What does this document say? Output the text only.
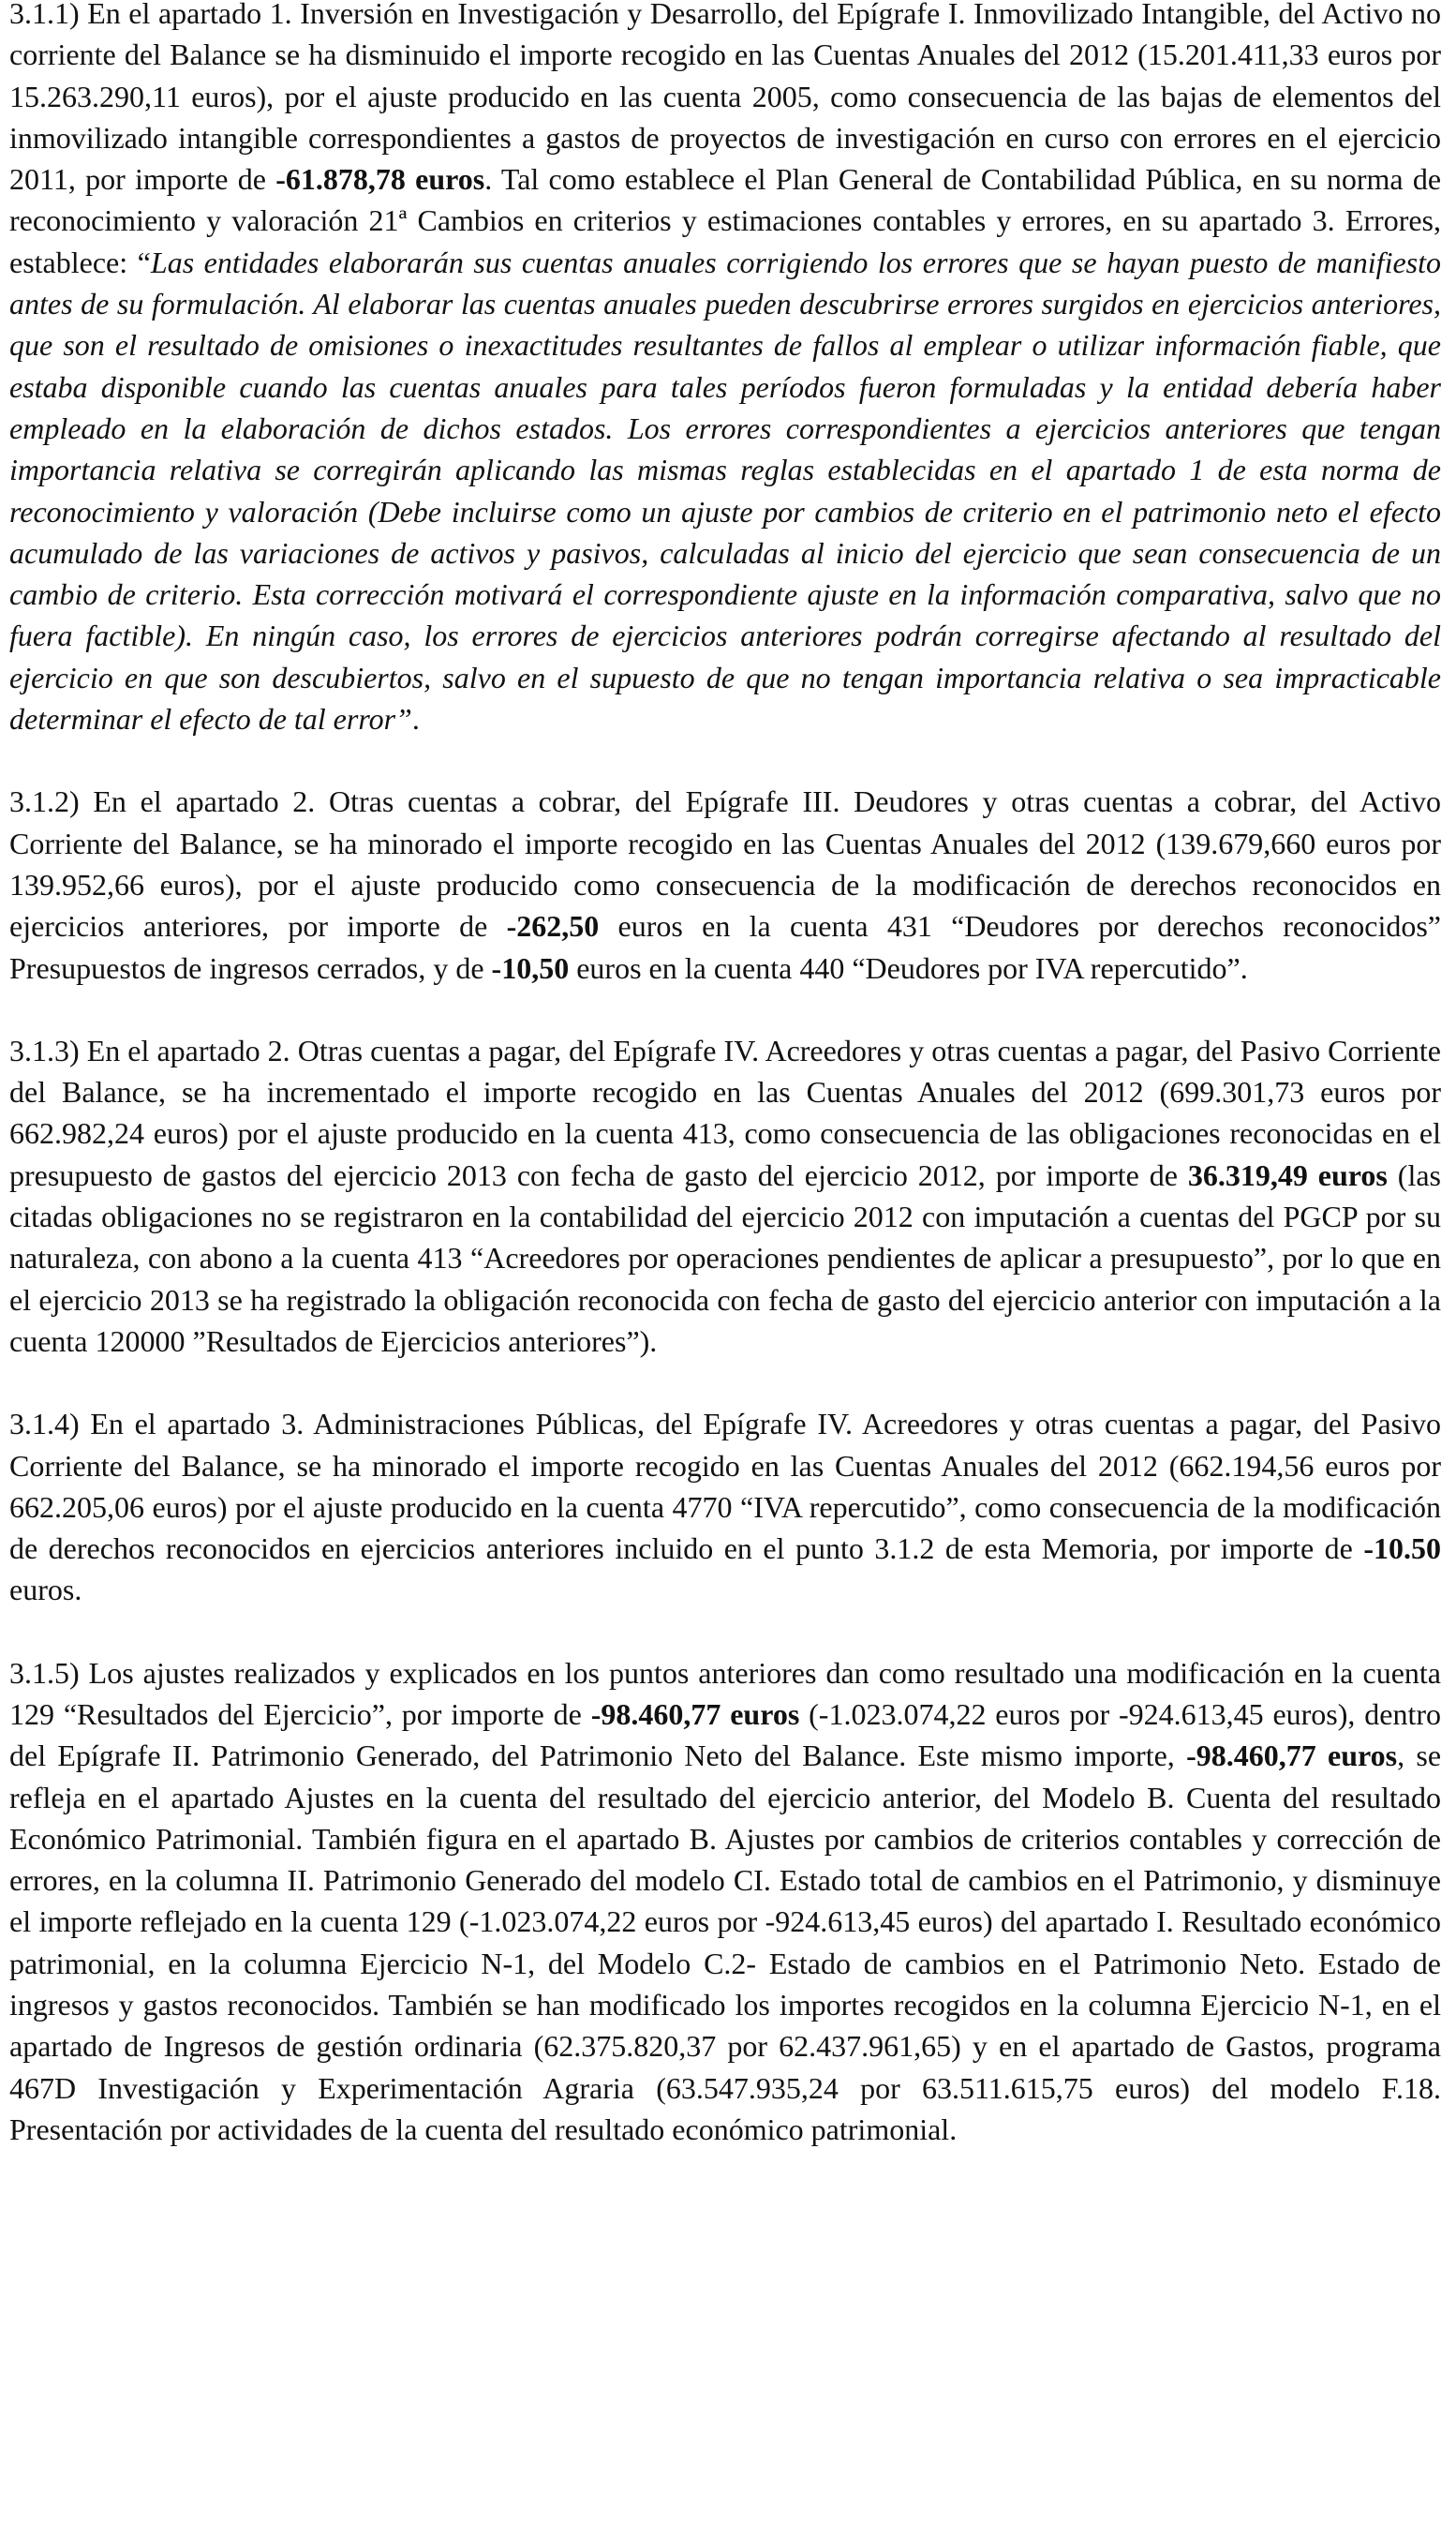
3.1.1) En el apartado 1. Inversión en Investigación y Desarrollo, del Epígrafe I. Inmovilizado Intangible, del Activo no corriente del Balance se ha disminuido el importe recogido en las Cuentas Anuales del 2012 (15.201.411,33 euros por 15.263.290,11 euros), por el ajuste producido en las cuenta 2005, como consecuencia de las bajas de elementos del inmovilizado intangible correspondientes a gastos de proyectos de investigación en curso con errores en el ejercicio 2011, por importe de -61.878,78 euros. Tal como establece el Plan General de Contabilidad Pública, en su norma de reconocimiento y valoración 21ª Cambios en criterios y estimaciones contables y errores, en su apartado 3. Errores, establece: “Las entidades elaborarán sus cuentas anuales corrigiendo los errores que se hayan puesto de manifiesto antes de su formulación. Al elaborar las cuentas anuales pueden descubrirse errores surgidos en ejercicios anteriores, que son el resultado de omisiones o inexactitudes resultantes de fallos al emplear o utilizar información fiable, que estaba disponible cuando las cuentas anuales para tales períodos fueron formuladas y la entidad debería haber empleado en la elaboración de dichos estados. Los errores correspondientes a ejercicios anteriores que tengan importancia relativa se corregirán aplicando las mismas reglas establecidas en el apartado 1 de esta norma de reconocimiento y valoración (Debe incluirse como un ajuste por cambios de criterio en el patrimonio neto el efecto acumulado de las variaciones de activos y pasivos, calculadas al inicio del ejercicio que sean consecuencia de un cambio de criterio. Esta corrección motivará el correspondiente ajuste en la información comparativa, salvo que no fuera factible). En ningún caso, los errores de ejercicios anteriores podrán corregirse afectando al resultado del ejercicio en que son descubiertos, salvo en el supuesto de que no tengan importancia relativa o sea impracticable determinar el efecto de tal error”.

3.1.2) En el apartado 2. Otras cuentas a cobrar, del Epígrafe III. Deudores y otras cuentas a cobrar, del Activo Corriente del Balance, se ha minorado el importe recogido en las Cuentas Anuales del 2012 (139.679,660 euros por 139.952,66 euros), por el ajuste producido como consecuencia de la modificación de derechos reconocidos en ejercicios anteriores, por importe de -262,50 euros en la cuenta 431 “Deudores por derechos reconocidos” Presupuestos de ingresos cerrados, y de -10,50 euros en la cuenta 440 “Deudores por IVA repercutido”.

3.1.3) En el apartado 2. Otras cuentas a pagar, del Epígrafe IV. Acreedores y otras cuentas a pagar, del Pasivo Corriente del Balance, se ha incrementado el importe recogido en las Cuentas Anuales del 2012 (699.301,73 euros por 662.982,24 euros) por el ajuste producido en la cuenta 413, como consecuencia de las obligaciones reconocidas en el presupuesto de gastos del ejercicio 2013 con fecha de gasto del ejercicio 2012, por importe de 36.319,49 euros (las citadas obligaciones no se registraron en la contabilidad del ejercicio 2012 con imputación a cuentas del PGCP por su naturaleza, con abono a la cuenta 413 “Acreedores por operaciones pendientes de aplicar a presupuesto”, por lo que en el ejercicio 2013 se ha registrado la obligación reconocida con fecha de gasto del ejercicio anterior con imputación a la cuenta 120000 ”Resultados de Ejercicios anteriores”).

3.1.4) En el apartado 3. Administraciones Públicas, del Epígrafe IV. Acreedores y otras cuentas a pagar, del Pasivo Corriente del Balance, se ha minorado el importe recogido en las Cuentas Anuales del 2012 (662.194,56 euros por 662.205,06 euros) por el ajuste producido en la cuenta 4770 “IVA repercutido”, como consecuencia de la modificación de derechos reconocidos en ejercicios anteriores incluido en el punto 3.1.2 de esta Memoria, por importe de -10.50 euros.

3.1.5) Los ajustes realizados y explicados en los puntos anteriores dan como resultado una modificación en la cuenta 129 “Resultados del Ejercicio”, por importe de -98.460,77 euros (-1.023.074,22 euros por -924.613,45 euros), dentro del Epígrafe II. Patrimonio Generado, del Patrimonio Neto del Balance. Este mismo importe, -98.460,77 euros, se refleja en el apartado Ajustes en la cuenta del resultado del ejercicio anterior, del Modelo B. Cuenta del resultado Económico Patrimonial. También figura en el apartado B. Ajustes por cambios de criterios contables y corrección de errores, en la columna II. Patrimonio Generado del modelo CI. Estado total de cambios en el Patrimonio, y disminuye el importe reflejado en la cuenta 129 (-1.023.074,22 euros por -924.613,45 euros) del apartado I. Resultado económico patrimonial, en la columna Ejercicio N-1, del Modelo C.2- Estado de cambios en el Patrimonio Neto. Estado de ingresos y gastos reconocidos. También se han modificado los importes recogidos en la columna Ejercicio N-1, en el apartado de Ingresos de gestión ordinaria (62.375.820,37 por 62.437.961,65) y en el apartado de Gastos, programa 467D Investigación y Experimentación Agraria (63.547.935,24 por 63.511.615,75 euros) del modelo F.18. Presentación por actividades de la cuenta del resultado económico patrimonial.
